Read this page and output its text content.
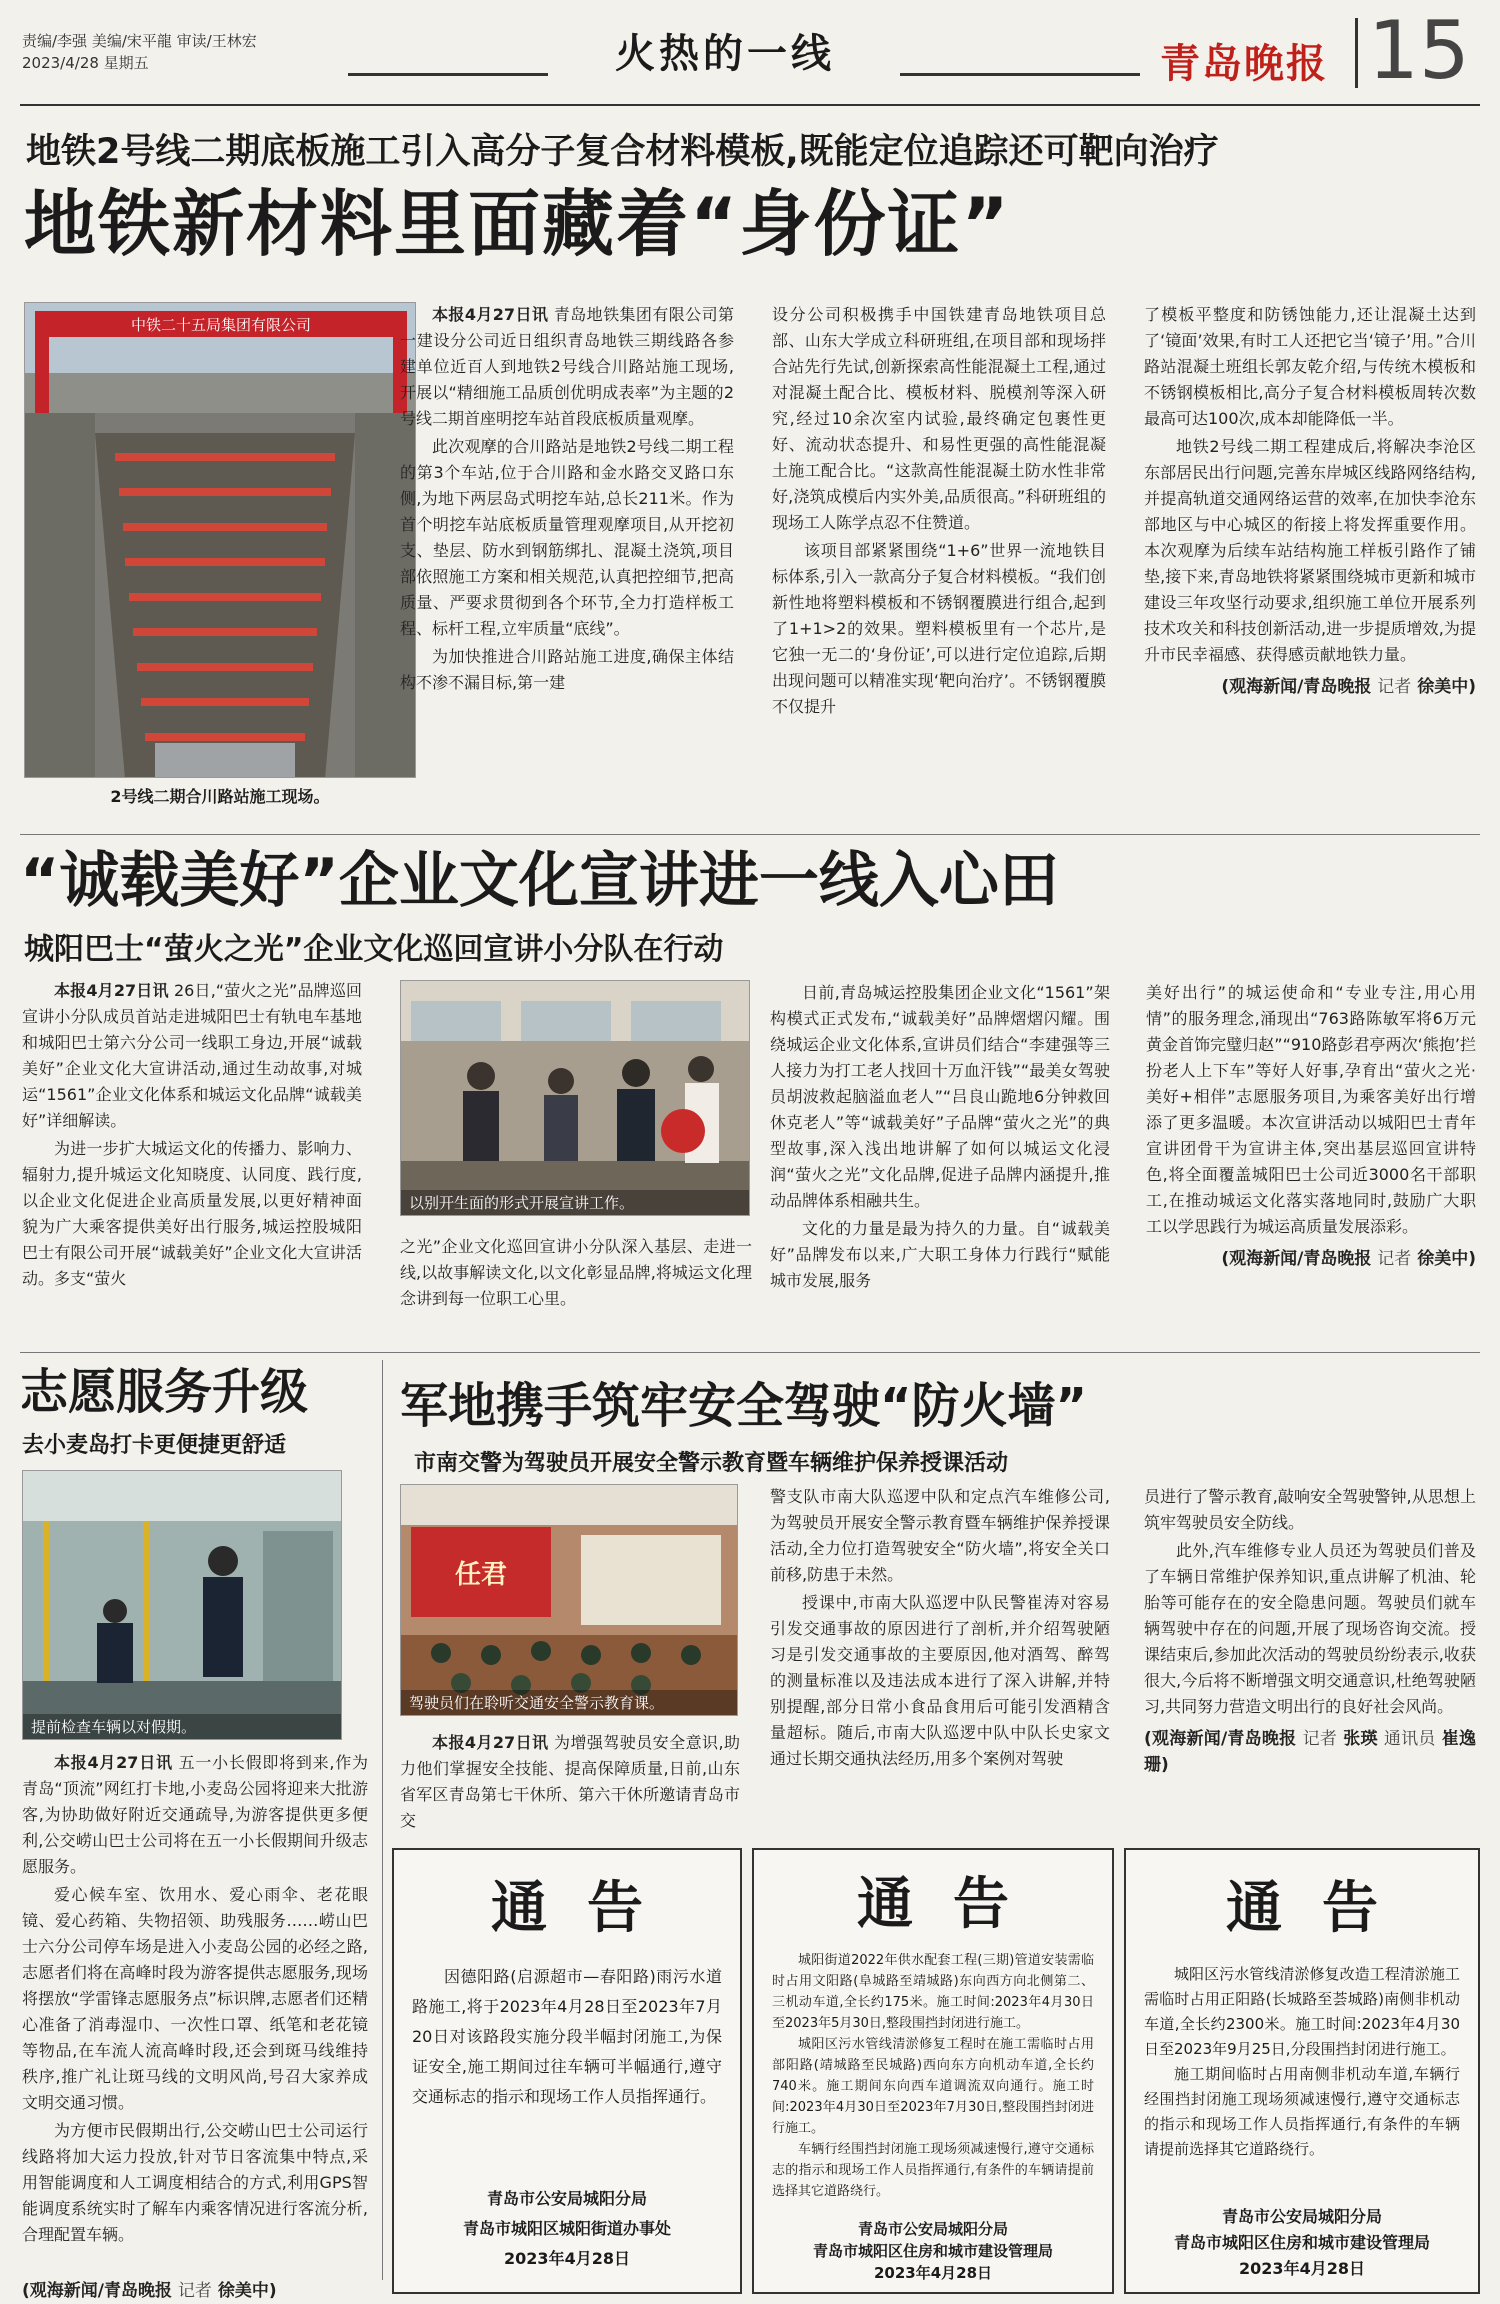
责编/李强 美编/宋平龍 审读/王林宏
2023/4/28 星期五	火热的一线	青岛晚报 15
地铁2号线二期底板施工引入高分子复合材料模板,既能定位追踪还可靶向治疗
地铁新材料里面藏着“身份证”
中铁二十五局集团有限公司
2号线二期合川路站施工现场。

本报4月27日讯 青岛地铁集团有限公司第一建设分公司近日组织青岛地铁三期线路各参建单位近百人到地铁2号线合川路站施工现场,开展以“精细施工品质创优明成表率”为主题的2号线二期首座明挖车站首段底板质量观摩。

此次观摩的合川路站是地铁2号线二期工程的第3个车站,位于合川路和金水路交叉路口东侧,为地下两层岛式明挖车站,总长211米。作为首个明挖车站底板质量管理观摩项目,从开挖初支、垫层、防水到钢筋绑扎、混凝土浇筑,项目部依照施工方案和相关规范,认真把控细节,把高质量、严要求贯彻到各个环节,全力打造样板工程、标杆工程,立牢质量“底线”。

为加快推进合川路站施工进度,确保主体结构不渗不漏目标,第一建

设分公司积极携手中国铁建青岛地铁项目总部、山东大学成立科研班组,在项目部和现场拌合站先行先试,创新探索高性能混凝土工程,通过对混凝土配合比、模板材料、脱模剂等深入研究,经过10余次室内试验,最终确定包裹性更好、流动状态提升、和易性更强的高性能混凝土施工配合比。“这款高性能混凝土防水性非常好,浇筑成模后内实外美,品质很高。”科研班组的现场工人陈学点忍不住赞道。

该项目部紧紧围绕“1+6”世界一流地铁目标体系,引入一款高分子复合材料模板。“我们创新性地将塑料模板和不锈钢覆膜进行组合,起到了1+1>2的效果。塑料模板里有一个芯片,是它独一无二的‘身份证’,可以进行定位追踪,后期出现问题可以精准实现‘靶向治疗’。不锈钢覆膜不仅提升

了模板平整度和防锈蚀能力,还让混凝土达到了‘镜面’效果,有时工人还把它当‘镜子’用。”合川路站混凝土班组长郭友乾介绍,与传统木模板和不锈钢模板相比,高分子复合材料模板周转次数最高可达100次,成本却能降低一半。

地铁2号线二期工程建成后,将解决李沧区东部居民出行问题,完善东岸城区线路网络结构,并提高轨道交通网络运营的效率,在加快李沧东部地区与中心城区的衔接上将发挥重要作用。本次观摩为后续车站结构施工样板引路作了铺垫,接下来,青岛地铁将紧紧围绕城市更新和城市建设三年攻坚行动要求,组织施工单位开展系列技术攻关和科技创新活动,进一步提质增效,为提升市民幸福感、获得感贡献地铁力量。

(观海新闻/青岛晚报 记者 徐美中)
“诚载美好”企业文化宣讲进一线入心田
城阳巴士“萤火之光”企业文化巡回宣讲小分队在行动

本报4月27日讯 26日,“萤火之光”品牌巡回宣讲小分队成员首站走进城阳巴士有轨电车基地和城阳巴士第六分公司一线职工身边,开展“诚载美好”企业文化大宣讲活动,通过生动故事,对城运“1561”企业文化体系和城运文化品牌“诚载美好”详细解读。

为进一步扩大城运文化的传播力、影响力、辐射力,提升城运文化知晓度、认同度、践行度,以企业文化促进企业高质量发展,以更好精神面貌为广大乘客提供美好出行服务,城运控股城阳巴士有限公司开展“诚载美好”企业文化大宣讲活动。多支“萤火

以别开生面的形式开展宣讲工作。

之光”企业文化巡回宣讲小分队深入基层、走进一线,以故事解读文化,以文化彰显品牌,将城运文化理念讲到每一位职工心里。

日前,青岛城运控股集团企业文化“1561”架构模式正式发布,“诚载美好”品牌熠熠闪耀。围绕城运企业文化体系,宣讲员们结合“李建强等三人接力为打工老人找回十万血汗钱”“最美女驾驶员胡波救起脑溢血老人”“吕良山跪地6分钟救回休克老人”等“诚载美好”子品牌“萤火之光”的典型故事,深入浅出地讲解了如何以城运文化浸润“萤火之光”文化品牌,促进子品牌内涵提升,推动品牌体系相融共生。

文化的力量是最为持久的力量。自“诚载美好”品牌发布以来,广大职工身体力行践行“赋能城市发展,服务

美好出行”的城运使命和“专业专注,用心用情”的服务理念,涌现出“763路陈敏军将6万元黄金首饰完璧归赵”“910路彭君亭两次‘熊抱’拦扮老人上下车”等好人好事,孕育出“萤火之光·美好+相伴”志愿服务项目,为乘客美好出行增添了更多温暖。本次宣讲活动以城阳巴士青年宣讲团骨干为宣讲主体,突出基层巡回宣讲特色,将全面覆盖城阳巴士公司近3000名干部职工,在推动城运文化落实落地同时,鼓励广大职工以学思践行为城运高质量发展添彩。

(观海新闻/青岛晚报 记者 徐美中)
志愿服务升级
去小麦岛打卡更便捷更舒适
提前检查车辆以对假期。

本报4月27日讯 五一小长假即将到来,作为青岛“顶流”网红打卡地,小麦岛公园将迎来大批游客,为协助做好附近交通疏导,为游客提供更多便利,公交崂山巴士公司将在五一小长假期间升级志愿服务。

爱心候车室、饮用水、爱心雨伞、老花眼镜、爱心药箱、失物招领、助残服务……崂山巴士六分公司停车场是进入小麦岛公园的必经之路,志愿者们将在高峰时段为游客提供志愿服务,现场将摆放“学雷锋志愿服务点”标识牌,志愿者们还精心准备了消毒湿巾、一次性口罩、纸笔和老花镜等物品,在车流人流高峰时段,还会到斑马线维持秩序,推广礼让斑马线的文明风尚,号召大家养成文明交通习惯。

为方便市民假期出行,公交崂山巴士公司运行线路将加大运力投放,针对节日客流集中特点,采用智能调度和人工调度相结合的方式,利用GPS智能调度系统实时了解车内乘客情况进行客流分析,合理配置车辆。

(观海新闻/青岛晚报 记者 徐美中)
军地携手筑牢安全驾驶“防火墙”
市南交警为驾驶员开展安全警示教育暨车辆维护保养授课活动
任君
驾驶员们在聆听交通安全警示教育课。

本报4月27日讯 为增强驾驶员安全意识,助力他们掌握安全技能、提高保障质量,日前,山东省军区青岛第七干休所、第六干休所邀请青岛市交

警支队市南大队巡逻中队和定点汽车维修公司,为驾驶员开展安全警示教育暨车辆维护保养授课活动,全力位打造驾驶安全“防火墙”,将安全关口前移,防患于未然。

授课中,市南大队巡逻中队民警崔涛对容易引发交通事故的原因进行了剖析,并介绍驾驶陋习是引发交通事故的主要原因,他对酒驾、醉驾的测量标准以及违法成本进行了深入讲解,并特别提醒,部分日常小食品食用后可能引发酒精含量超标。随后,市南大队巡逻中队中队长史家文通过长期交通执法经历,用多个案例对驾驶

员进行了警示教育,敲响安全驾驶警钟,从思想上筑牢驾驶员安全防线。

此外,汽车维修专业人员还为驾驶员们普及了车辆日常维护保养知识,重点讲解了机油、轮胎等可能存在的安全隐患问题。驾驶员们就车辆驾驶中存在的问题,开展了现场咨询交流。授课结束后,参加此次活动的驾驶员纷纷表示,收获很大,今后将不断增强文明交通意识,杜绝驾驶陋习,共同努力营造文明出行的良好社会风尚。

(观海新闻/青岛晚报 记者 张瑛 通讯员 崔逸珊)
通告

因德阳路(启源超市—春阳路)雨污水道路施工,将于2023年4月28日至2023年7月20日对该路段实施分段半幅封闭施工,为保证安全,施工期间过往车辆可半幅通行,遵守交通标志的指示和现场工作人员指挥通行。

青岛市公安局城阳分局
青岛市城阳区城阳街道办事处
2023年4月28日
通告

城阳街道2022年供水配套工程(三期)管道安装需临时占用文阳路(阜城路至靖城路)东向西方向北侧第二、三机动车道,全长约175米。施工时间:2023年4月30日至2023年5月30日,整段围挡封闭进行施工。

城阳区污水管线清淤修复工程时在施工需临时占用部阳路(靖城路至民城路)西向东方向机动车道,全长约740米。施工期间东向西车道调流双向通行。施工时间:2023年4月30日至2023年7月30日,整段围挡封闭进行施工。

车辆行经围挡封闭施工现场须减速慢行,遵守交通标志的指示和现场工作人员指挥通行,有条件的车辆请提前选择其它道路绕行。

青岛市公安局城阳分局
青岛市城阳区住房和城市建设管理局
2023年4月28日
通告

城阳区污水管线清淤修复改造工程清淤施工需临时占用正阳路(长城路至荟城路)南侧非机动车道,全长约2300米。施工时间:2023年4月30日至2023年9月25日,分段围挡封闭进行施工。

施工期间临时占用南侧非机动车道,车辆行经围挡封闭施工现场须减速慢行,遵守交通标志的指示和现场工作人员指挥通行,有条件的车辆请提前选择其它道路绕行。

青岛市公安局城阳分局
青岛市城阳区住房和城市建设管理局
2023年4月28日
